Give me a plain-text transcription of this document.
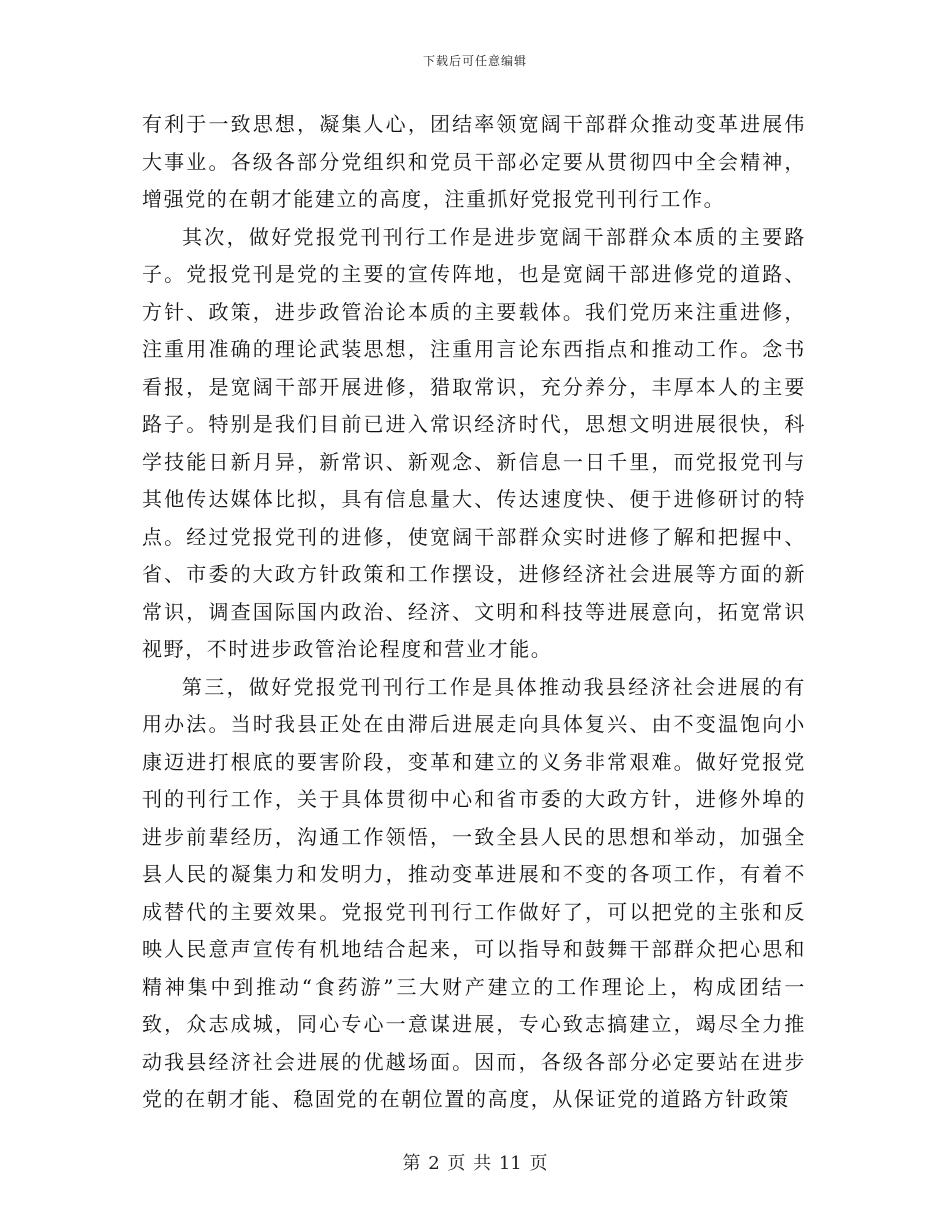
下载后可任意编辑

有利于一致思想，凝集人心，团结率领宽阔干部群众推动变革进展伟大事业。各级各部分党组织和党员干部必定要从贯彻四中全会精神，增强党的在朝才能建立的高度，注重抓好党报党刊刊行工作。

其次，做好党报党刊刊行工作是进步宽阔干部群众本质的主要路子。党报党刊是党的主要的宣传阵地，也是宽阔干部进修党的道路、方针、政策，进步政管治论本质的主要载体。我们党历来注重进修，注重用准确的理论武装思想，注重用言论东西指点和推动工作。念书看报，是宽阔干部开展进修，猎取常识，充分养分，丰厚本人的主要路子。特别是我们目前已进入常识经济时代，思想文明进展很快，科学技能日新月异，新常识、新观念、新信息一日千里，而党报党刊与其他传达媒体比拟，具有信息量大、传达速度快、便于进修研讨的特点。经过党报党刊的进修，使宽阔干部群众实时进修了解和把握中、省、市委的大政方针政策和工作摆设，进修经济社会进展等方面的新常识，调查国际国内政治、经济、文明和科技等进展意向，拓宽常识视野，不时进步政管治论程度和营业才能。

第三，做好党报党刊刊行工作是具体推动我县经济社会进展的有用办法。当时我县正处在由滞后进展走向具体复兴、由不变温饱向小康迈进打根底的要害阶段，变革和建立的义务非常艰难。做好党报党刊的刊行工作，关于具体贯彻中心和省市委的大政方针，进修外埠的进步前辈经历，沟通工作领悟，一致全县人民的思想和举动，加强全县人民的凝集力和发明力，推动变革进展和不变的各项工作，有着不成替代的主要效果。党报党刊刊行工作做好了，可以把党的主张和反映人民意声宣传有机地结合起来，可以指导和鼓舞干部群众把心思和精神集中到推动“食药游”三大财产建立的工作理论上，构成团结一致，众志成城，同心专心一意谋进展，专心致志搞建立，竭尽全力推动我县经济社会进展的优越场面。因而，各级各部分必定要站在进步党的在朝才能、稳固党的在朝位置的高度，从保证党的道路方针政策

第 2 页 共 11 页
